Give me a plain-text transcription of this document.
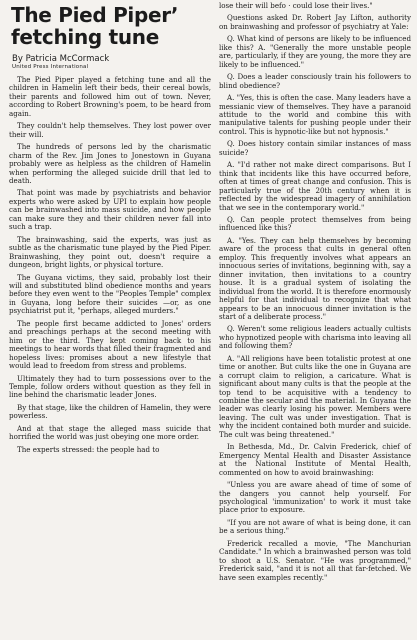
The Pied Piperʼ
fetching tune
By Patricia McCormack
United Press International

The Pied Piper played a fetching tune and all the children in Hamelin left their beds, their cereal bowls, their parents and followed him out of town. Never, according to Robert Browning's poem, to be heard from again.

They couldn't help themselves. They lost power over their will.

The hundreds of persons led by the charismatic charm of the Rev. Jim Jones to Jonestown in Guyana probably were as helpless as the children of Hamelin when performing the alleged suicide drill that led to death.

That point was made by psychiatrists and behavior experts who were asked by UPI to explain how people can be brainwashed into mass suicide, and how people can make sure they and their children never fall into such a trap.

The brainwashing, said the experts, was just as subtle as the charismatic tune played by the Pied Piper. Brainwashing, they point out, doesn't require a dungeon, bright lights, or physical torture.

The Guyana victims, they said, probably lost their will and substituted blind obedience months and years before they even went to the "Peoples Temple" complex in Guyana, long before their suicides —or, as one psychiatrist put it, "perhaps, alleged murders."

The people first became addicted to Jones' orders and preachings perhaps at the second meeting with him or the third. They kept coming back to his meetings to hear words that filled their fragmented and hopeless lives: promises about a new lifestyle that would lead to freedom from stress and problems.

Ultimately they had to turn possessions over to the Temple, follow orders without question as they fell in line behind the charismatic leader Jones.

By that stage, like the children of Hamelin, they were powerless.

And at that stage the alleged mass suicide that horrified the world was just obeying one more order.

The experts stressed: the people had to

lose their will befo · could lose their lives."

Questions asked Dr. Robert Jay Lifton, authority on brainwashing and professor of psychiatry at Yale:

Q. What kind of persons are likely to be influenced like this? A. "Generally the more unstable people are, particularly, if they are young, the more they are likely to be influenced."

Q. Does a leader consciously train his followers to blind obedience?

A. "Yes, this is often the case. Many leaders have a messianic view of themselves. They have a paranoid attitude to the world and combine this with manipulative talents for pushing people under their control. This is hypnotic-like but not hypnosis."

Q. Does history contain similar instances of mass suicide?

A. "I'd rather not make direct comparisons. But I think that incidents like this have occurred before, often at times of great change and confusion. This is particularly true of the 20th century when it is reflected by the widespread imagery of annihilation that we see in the contemporary world."

Q. Can people protect themselves from being influenced like this?

A. "Yes. They can help themselves by becoming aware of the process that cults in general often employ. This frequently involves what appears an innocuous series of invitations, beginning with, say a dinner invitation, then invitations to a country house. It is a gradual system of isolating the individual from the world. It is therefore enormously helpful for that individual to recognize that what appears to be an innocuous dinner invitation is the start of a deliberate process."

Q. Weren't some religious leaders actually cultists who hypnotized people with charisma into leaving all and following them?

A. "All religions have been totalistic protest at one time or another. But cults like the one in Guyana are a corrupt claim to religion, a caricature. What is significant about many cults is that the people at the top tend to be acquisitive with a tendency to combine the secular and the material. In Guyana the leader was clearly losing his power. Members were leaving. The cult was under investigation. That is why the incident contained both murder and suicide. The cult was being threatened."

In Bethesda, Md., Dr. Calvin Frederick, chief of Emergency Mental Health and Disaster Assistance at the National Institute of Mental Health, commented on how to avoid brainwashing:

"Unless you are aware ahead of time of some of the dangers you cannot help yourself. For psychological 'immunization' to work it must take place prior to exposure.

"If you are not aware of what is being done, it can be a serious thing."

Frederick recalled a movie, "The Manchurian Candidate." In which a brainwashed person was told to shoot a U.S. Senator. "He was programmed," Frederick said, "and it is not all that far-fetched. We have seen examples recently."
